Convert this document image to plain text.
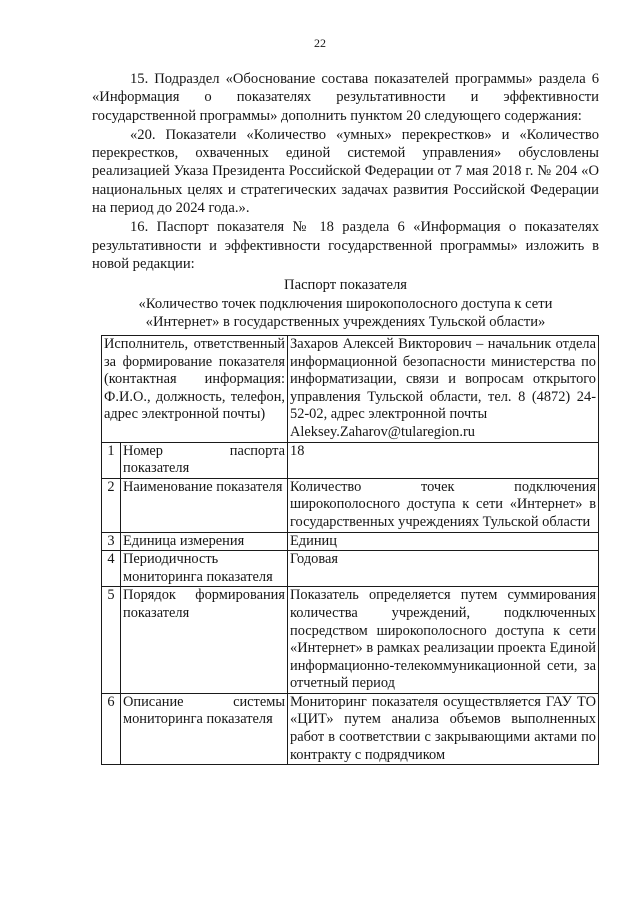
22

15. Подраздел «Обоснование состава показателей программы» раздела 6 «Информация о показателях результативности и эффективности государственной программы» дополнить пунктом 20 следующего содержания:

«20. Показатели «Количество «умных» перекрестков» и «Количество перекрестков, охваченных единой системой управления» обусловлены реализацией Указа Президента Российской Федерации от 7 мая 2018 г. № 204 «О национальных целях и стратегических задачах развития Российской Федерации на период до 2024 года.».

16. Паспорт показателя № 18 раздела 6 «Информация о показателях результативности и эффективности государственной программы» изложить в новой редакции:

Паспорт показателя

«Количество точек подключения широкополосного доступа к сети

«Интернет» в государственных учреждениях Тульской области»

Исполнитель, ответственный за формирование показателя (контактная информация: Ф.И.О., должность, телефон, адрес электронной почты)		Захаров Алексей Викторович – начальник отдела информационной безопасности министерства по информатизации, связи и вопросам открытого управления Тульской области, тел. 8 (4872) 24-52-02, адрес электронной почты
Aleksey.Zaharov@tularegion.ru
1	Номер паспорта показателя	18
2	Наименование показателя	Количество точек подключения широкополосного доступа к сети «Интернет» в государственных учреждениях Тульской области
3	Единица измерения	Единиц
4	Периодичность мониторинга показателя	Годовая
5	Порядок формирования показателя	Показатель определяется путем суммирования количества учреждений, подключенных посредством широкополосного доступа к сети «Интернет» в рамках реализации проекта Единой информационно-телекоммуникационной сети, за отчетный период
6	Описание системы мониторинга показателя	Мониторинг показателя осуществляется ГАУ ТО «ЦИТ» путем анализа объемов выполненных работ в соответствии с закрывающими актами по контракту с подрядчиком
